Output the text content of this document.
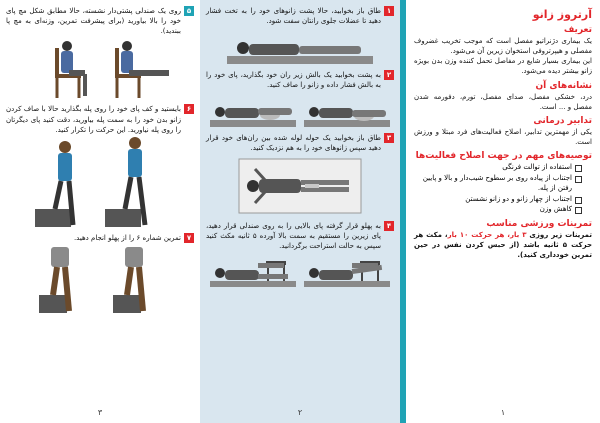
آرتروز زانو
تعریف

یک بیماری دژنراتیو مفصل است که موجب تخریب غضروف مفصلی و هیپرتروفی استخوان زیرین آن می‌شود.

این بیماری بسیار شایع در مفاصل تحمل کننده وزن بدن بویژه زانو بیشتر دیده می‌شود.

نشانه‌های آن

درد، خشکی مفصل، صدای مفصل، تورم، دفورمه شدن مفصل و ... است.

تدابیر درمانی

یکی از مهمترین تدابیر، اصلاح فعالیت‌های فرد مبتلا و ورزش است.

توصیه‌های مهم در جهت اصلاح فعالیت‌ها
استفاده از توالت فرنگی
اجتناب از پیاده روی بر سطوح شیب‌دار و بالا و پایین رفتن از پله.
اجتناب از چهار زانو و دو زانو نشستن
کاهش وزن
تمرینات ورزشی مناسب

تمرینات زیر روزی ۳ بار، هر حرکت ۱۰ بار، مکث هر حرکت ۵ ثانیه باشد (از حبس کردن نفس در حین تمرین خودداری کنید).

۱
۱

طاق باز بخوابید، حالا پشت زانوهای خود را به تخت فشار دهید تا عضلات جلوی رانتان سفت شود.

۲

به پشت بخوابید یک بالش زیر ران خود بگذارید، پای خود را به بالش فشار داده و زانو را صاف کنید.

۳

طاق باز بخوابید یک حوله لوله شده بین ران‌های خود قرار دهید سپس زانوهای خود را به هم نزدیک کنید.

۴

به پهلو قرار گرفته پای بالایی را به روی صندلی قرار دهید، پای زیرین را مستقیم به سمت بالا آورده ۵ ثانیه مکث کنید سپس به حالت استراحت برگردانید.

۲
۵

روی یک صندلی پشتی‌دار نشسته، حالا مطابق شکل مچ پای خود را بالا بیاورید (برای پیشرفت تمرین، وزنه‌ای به مچ پا ببندید).

۶

بایستید و کف پای خود را روی پله بگذارید حالا با صاف کردن زانو بدن خود را به سمت پله بیاورید، دقت کنید پای دیگرتان را روی پله نیاورید. این حرکت را تکرار کنید.

۷

تمرین شماره ۶ را از پهلو انجام دهید.

۳
